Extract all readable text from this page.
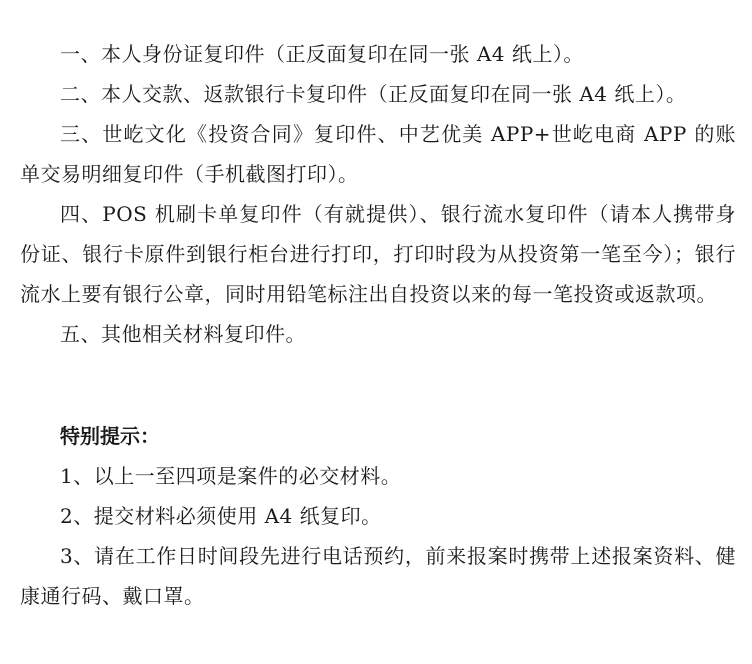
一、本人身份证复印件（正反面复印在同一张 A4 纸上）。

二、本人交款、返款银行卡复印件（正反面复印在同一张 A4 纸上）。

三、世屹文化《投资合同》复印件、中艺优美 APP+世屹电商 APP 的账单交易明细复印件（手机截图打印）。

四、POS 机刷卡单复印件（有就提供）、银行流水复印件（请本人携带身份证、银行卡原件到银行柜台进行打印，打印时段为从投资第一笔至今）；银行流水上要有银行公章，同时用铅笔标注出自投资以来的每一笔投资或返款项。

五、其他相关材料复印件。

特别提示：

1、以上一至四项是案件的必交材料。

2、提交材料必须使用 A4 纸复印。

3、请在工作日时间段先进行电话预约，前来报案时携带上述报案资料、健康通行码、戴口罩。
